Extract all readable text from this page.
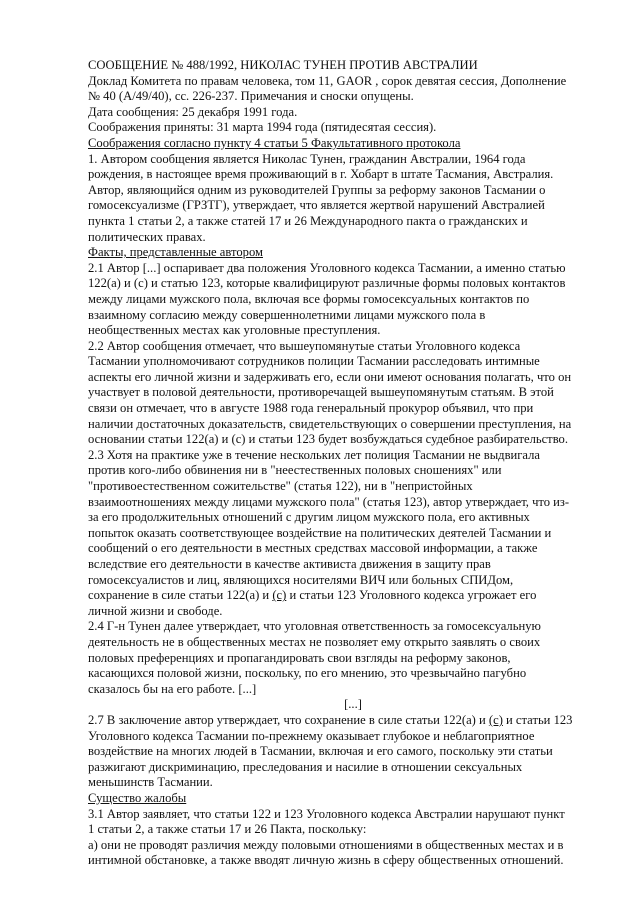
СООБЩЕНИЕ № 488/1992, НИКОЛАС ТУНЕН ПРОТИВ АВСТРАЛИИ
Доклад Комитета по правам человека, том 11, GAOR , сорок девятая сессия, Дополнение
№ 40 (A/49/40), сс. 226-237. Примечания и сноски опущены.
Дата сообщения: 25 декабря 1991 года.
Соображения приняты: 31 марта 1994 года (пятидесятая сессия).
Соображения согласно пункту 4 статьи 5 Факультативного протокола
1. Автором сообщения является Николас Тунен, гражданин Австралии, 1964 года
рождения, в настоящее время проживающий в г. Хобарт в штате Тасмания, Австралия.
Автор, являющийся одним из руководителей Группы за реформу законов Тасмании о
гомосексуализме (ГРЗТГ), утверждает, что является жертвой нарушений Австралией
пункта 1 статьи 2, а также статей 17 и 26 Международного пакта о гражданских и
политических правах.
Факты, представленные автором
2.1 Автор [...] оспаривает два положения Уголовного кодекса Тасмании, а именно статью
122(a) и (c) и статью 123, которые квалифицируют различные формы половых контактов
между лицами мужского пола, включая все формы гомосексуальных контактов по
взаимному согласию между совершеннолетними лицами мужского пола в
необщественных местах как уголовные преступления.
2.2 Автор сообщения отмечает, что вышеупомянутые статьи Уголовного кодекса
Тасмании уполномочивают сотрудников полиции Тасмании расследовать интимные
аспекты его личной жизни и задерживать его, если они имеют основания полагать, что он
участвует в половой деятельности, противоречащей вышеупомянутым статьям. В этой
связи он отмечает, что в августе 1988 года генеральный прокурор объявил, что при
наличии достаточных доказательств, свидетельствующих о совершении преступления, на
основании статьи 122(a) и (c) и статьи 123 будет возбуждаться судебное разбирательство.
2.3 Хотя на практике уже в течение нескольких лет полиция Тасмании не выдвигала
против кого-либо обвинения ни в "неестественных половых сношениях" или
"противоестественном сожительстве" (статья 122), ни в "непристойных
взаимоотношениях между лицами мужского пола" (статья 123), автор утверждает, что из-
за его продолжительных отношений с другим лицом мужского пола, его активных
попыток оказать соответствующее воздействие на политических деятелей Тасмании и
сообщений о его деятельности в местных средствах массовой информации, а также
вследствие его деятельности в качестве активиста движения в защиту прав
гомосексуалистов и лиц, являющихся носителями ВИЧ или больных СПИДом,
сохранение в силе статьи 122(a) и (c) и статьи 123 Уголовного кодекса угрожает его
личной жизни и свободе.
2.4 Г-н Тунен далее утверждает, что уголовная ответственность за гомосексуальную
деятельность не в общественных местах не позволяет ему открыто заявлять о своих
половых преференциях и пропагандировать свои взгляды на реформу законов,
касающихся половой жизни, поскольку, по его мнению, это чрезвычайно пагубно
сказалось бы на его работе. [...]
[...]
2.7 В заключение автор утверждает, что сохранение в силе статьи 122(a) и (c) и статьи 123
Уголовного кодекса Тасмании по-прежнему оказывает глубокое и неблагоприятное
воздействие на многих людей в Тасмании, включая и его самого, поскольку эти статьи
разжигают дискриминацию, преследования и насилие в отношении сексуальных
меньшинств Тасмании.
Существо жалобы
3.1 Автор заявляет, что статьи 122 и 123 Уголовного кодекса Австралии нарушают пункт
1 статьи 2, а также статьи 17 и 26 Пакта, поскольку:
a) они не проводят различия между половыми отношениями в общественных местах и в
интимной обстановке, а также вводят личную жизнь в сферу общественных отношений.
